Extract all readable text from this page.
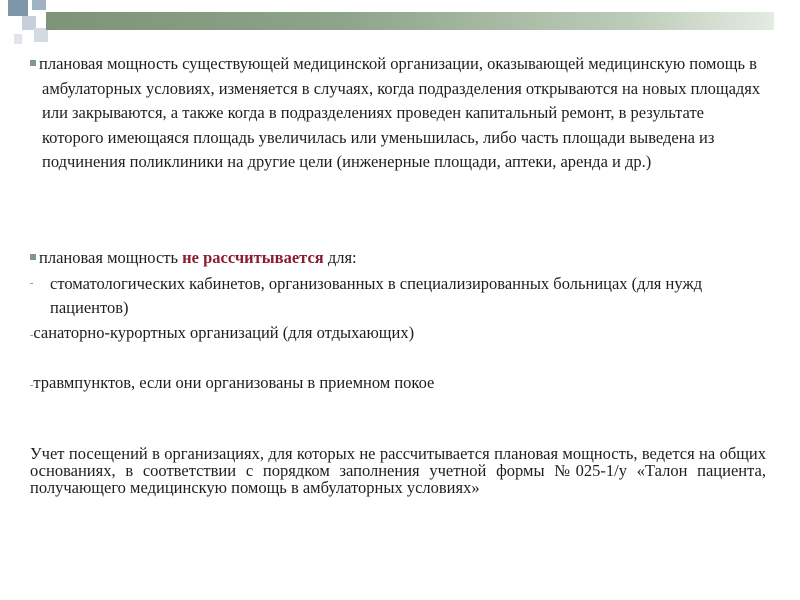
плановая мощность существующей медицинской организации, оказывающей медицинскую помощь в амбулаторных условиях, изменяется в случаях, когда подразделения открываются на новых площадях или закрываются, а также когда в подразделениях проведен капитальный ремонт, в результате которого имеющаяся площадь увеличилась или уменьшилась, либо часть площади выведена из подчинения поликлиники на другие цели (инженерные площади, аптеки, аренда и др.)
плановая мощность не рассчитывается для:
-	стоматологических кабинетов, организованных в специализированных больницах (для нужд пациентов)
-санаторно-курортных организаций (для отдыхающих)
-травмпунктов, если они организованы в приемном покое
Учет посещений в организациях, для которых не рассчитывается плановая мощность, ведется на общих основаниях, в соответствии с порядком заполнения учетной формы №025-1/у «Талон пациента, получающего медицинскую помощь в амбулаторных условиях»
